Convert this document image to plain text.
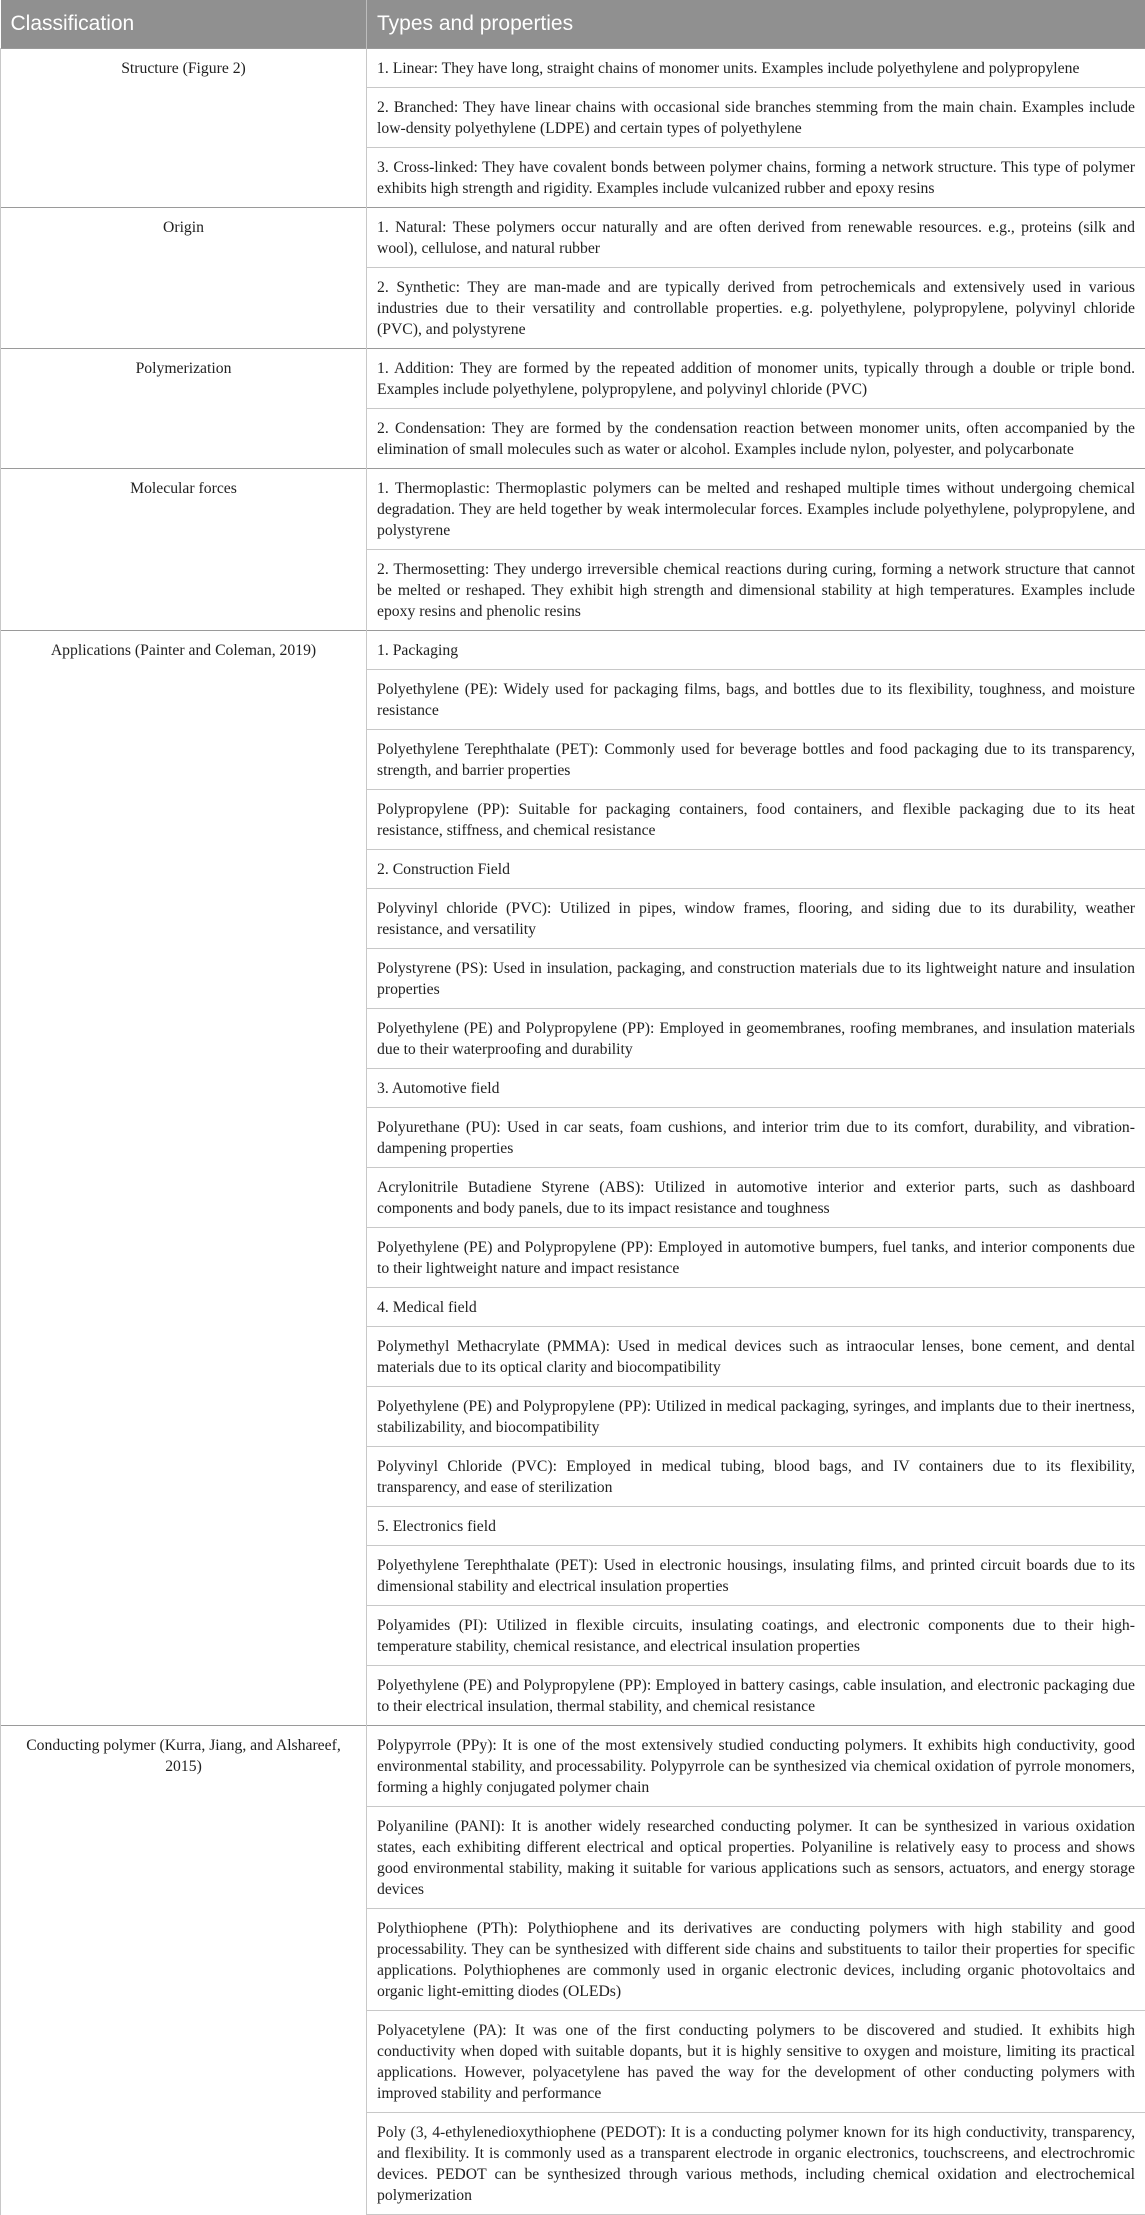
Classification	Types and properties
Structure (Figure 2)	1. Linear: They have long, straight chains of monomer units. Examples include polyethylene and polypropylene
	2. Branched: They have linear chains with occasional side branches stemming from the main chain. Examples include low-density polyethylene (LDPE) and certain types of polyethylene
	3. Cross-linked: They have covalent bonds between polymer chains, forming a network structure. This type of polymer exhibits high strength and rigidity. Examples include vulcanized rubber and epoxy resins
Origin	1. Natural: These polymers occur naturally and are often derived from renewable resources. e.g., proteins (silk and wool), cellulose, and natural rubber
	2. Synthetic: They are man-made and are typically derived from petrochemicals and extensively used in various industries due to their versatility and controllable properties. e.g. polyethylene, polypropylene, polyvinyl chloride (PVC), and polystyrene
Polymerization	1. Addition: They are formed by the repeated addition of monomer units, typically through a double or triple bond. Examples include polyethylene, polypropylene, and polyvinyl chloride (PVC)
	2. Condensation: They are formed by the condensation reaction between monomer units, often accompanied by the elimination of small molecules such as water or alcohol. Examples include nylon, polyester, and polycarbonate
Molecular forces	1. Thermoplastic: Thermoplastic polymers can be melted and reshaped multiple times without undergoing chemical degradation. They are held together by weak intermolecular forces. Examples include polyethylene, polypropylene, and polystyrene
	2. Thermosetting: They undergo irreversible chemical reactions during curing, forming a network structure that cannot be melted or reshaped. They exhibit high strength and dimensional stability at high temperatures. Examples include epoxy resins and phenolic resins
Applications (Painter and Coleman, 2019)	1. Packaging
	Polyethylene (PE): Widely used for packaging films, bags, and bottles due to its flexibility, toughness, and moisture resistance
	Polyethylene Terephthalate (PET): Commonly used for beverage bottles and food packaging due to its transparency, strength, and barrier properties
	Polypropylene (PP): Suitable for packaging containers, food containers, and flexible packaging due to its heat resistance, stiffness, and chemical resistance
	2. Construction Field
	Polyvinyl chloride (PVC): Utilized in pipes, window frames, flooring, and siding due to its durability, weather resistance, and versatility
	Polystyrene (PS): Used in insulation, packaging, and construction materials due to its lightweight nature and insulation properties
	Polyethylene (PE) and Polypropylene (PP): Employed in geomembranes, roofing membranes, and insulation materials due to their waterproofing and durability
	3. Automotive field
	Polyurethane (PU): Used in car seats, foam cushions, and interior trim due to its comfort, durability, and vibration-dampening properties
	Acrylonitrile Butadiene Styrene (ABS): Utilized in automotive interior and exterior parts, such as dashboard components and body panels, due to its impact resistance and toughness
	Polyethylene (PE) and Polypropylene (PP): Employed in automotive bumpers, fuel tanks, and interior components due to their lightweight nature and impact resistance
	4. Medical field
	Polymethyl Methacrylate (PMMA): Used in medical devices such as intraocular lenses, bone cement, and dental materials due to its optical clarity and biocompatibility
	Polyethylene (PE) and Polypropylene (PP): Utilized in medical packaging, syringes, and implants due to their inertness, stabilizability, and biocompatibility
	Polyvinyl Chloride (PVC): Employed in medical tubing, blood bags, and IV containers due to its flexibility, transparency, and ease of sterilization
	5. Electronics field
	Polyethylene Terephthalate (PET): Used in electronic housings, insulating films, and printed circuit boards due to its dimensional stability and electrical insulation properties
	Polyamides (PI): Utilized in flexible circuits, insulating coatings, and electronic components due to their high-temperature stability, chemical resistance, and electrical insulation properties
	Polyethylene (PE) and Polypropylene (PP): Employed in battery casings, cable insulation, and electronic packaging due to their electrical insulation, thermal stability, and chemical resistance
Conducting polymer (Kurra, Jiang, and Alshareef, 2015)	Polypyrrole (PPy): It is one of the most extensively studied conducting polymers. It exhibits high conductivity, good environmental stability, and processability. Polypyrrole can be synthesized via chemical oxidation of pyrrole monomers, forming a highly conjugated polymer chain
	Polyaniline (PANI): It is another widely researched conducting polymer. It can be synthesized in various oxidation states, each exhibiting different electrical and optical properties. Polyaniline is relatively easy to process and shows good environmental stability, making it suitable for various applications such as sensors, actuators, and energy storage devices
	Polythiophene (PTh): Polythiophene and its derivatives are conducting polymers with high stability and good processability. They can be synthesized with different side chains and substituents to tailor their properties for specific applications. Polythiophenes are commonly used in organic electronic devices, including organic photovoltaics and organic light-emitting diodes (OLEDs)
	Polyacetylene (PA): It was one of the first conducting polymers to be discovered and studied. It exhibits high conductivity when doped with suitable dopants, but it is highly sensitive to oxygen and moisture, limiting its practical applications. However, polyacetylene has paved the way for the development of other conducting polymers with improved stability and performance
	Poly (3, 4-ethylenedioxythiophene (PEDOT): It is a conducting polymer known for its high conductivity, transparency, and flexibility. It is commonly used as a transparent electrode in organic electronics, touchscreens, and electrochromic devices. PEDOT can be synthesized through various methods, including chemical oxidation and electrochemical polymerization
